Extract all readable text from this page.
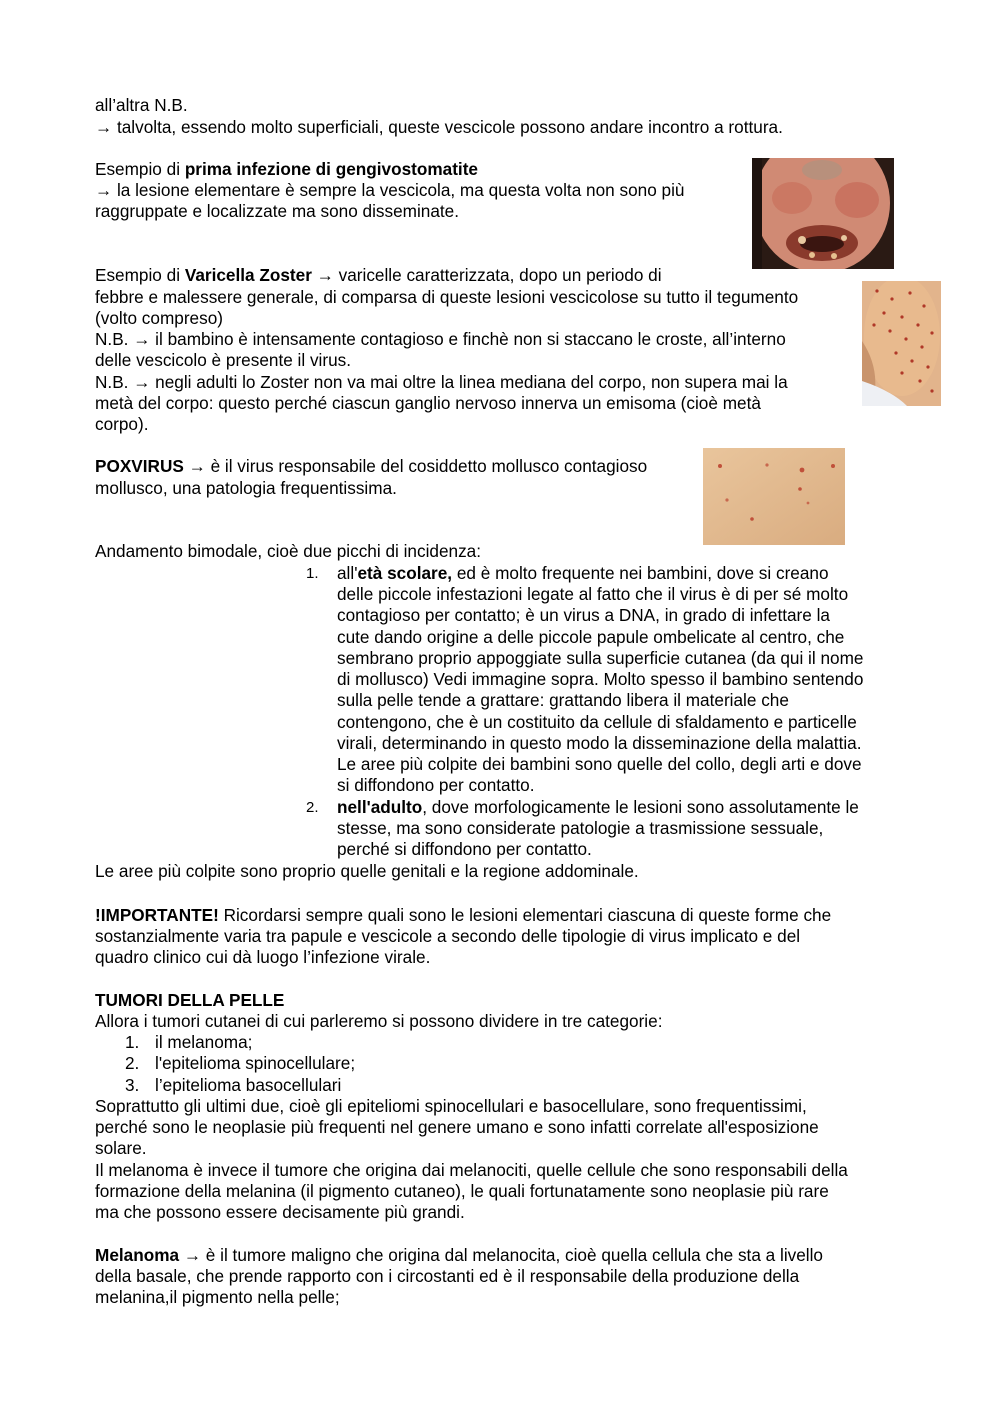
all’altra N.B.
→ talvolta, essendo molto superficiali, queste vescicole possono andare incontro a rottura.
Esempio di prima infezione di gengivostomatite
→ la lesione elementare è sempre la vescicola, ma questa volta non sono più
raggruppate e localizzate ma sono disseminate.
Esempio di Varicella Zoster → varicelle caratterizzata, dopo un periodo di
febbre e malessere generale, di comparsa di queste lesioni vescicolose su tutto il tegumento
(volto compreso)
N.B. → il bambino è intensamente contagioso e finchè non si staccano le croste, all’interno
delle vescicolo è presente il virus.
N.B. → negli adulti lo Zoster non va mai oltre la linea mediana del corpo, non supera mai la
metà del corpo: questo perché ciascun ganglio nervoso innerva un emisoma (cioè metà
corpo).
POXVIRUS → è il virus responsabile del cosiddetto mollusco contagioso
mollusco, una patologia frequentissima.
Andamento bimodale, cioè due picchi di incidenza:
1. all'età scolare, ed è molto frequente nei bambini, dove si creano
delle piccole infestazioni legate al fatto che il virus è di per sé molto
contagioso per contatto; è un virus a DNA, in grado di infettare la
cute dando origine a delle piccole papule ombelicate al centro, che
sembrano proprio appoggiate sulla superficie cutanea (da qui il nome
di mollusco) Vedi immagine sopra. Molto spesso il bambino sentendo
sulla pelle tende a grattare: grattando libera il materiale che
contengono, che è un costituito da cellule di sfaldamento e particelle
virali, determinando in questo modo la disseminazione della malattia.
Le aree più colpite dei bambini sono quelle del collo, degli arti e dove
si diffondono per contatto.
2. nell'adulto, dove morfologicamente le lesioni sono assolutamente le
stesse, ma sono considerate patologie a trasmissione sessuale,
perché si diffondono per contatto.
Le aree più colpite sono proprio quelle genitali e la regione addominale.
!IMPORTANTE! Ricordarsi sempre quali sono le lesioni elementari ciascuna di queste forme che
sostanzialmente varia tra papule e vescicole a secondo delle tipologie di virus implicato e del
quadro clinico cui dà luogo l’infezione virale.
TUMORI DELLA PELLE
Allora i tumori cutanei di cui parleremo si possono dividere in tre categorie:
1. il melanoma;
2. l'epitelioma spinocellulare;
3. l’epitelioma basocellulari
Soprattutto gli ultimi due, cioè gli epiteliomi spinocellulari e basocellulare, sono frequentissimi,
perché sono le neoplasie più frequenti nel genere umano e sono infatti correlate all'esposizione
solare.
Il melanoma è invece il tumore che origina dai melanociti, quelle cellule che sono responsabili della
formazione della melanina (il pigmento cutaneo), le quali fortunatamente sono neoplasie più rare
ma che possono essere decisamente più grandi.
Melanoma → è il tumore maligno che origina dal melanocita, cioè quella cellula che sta a livello
della basale, che prende rapporto con i circostanti ed è il responsabile della produzione della
melanina,il pigmento nella pelle;
